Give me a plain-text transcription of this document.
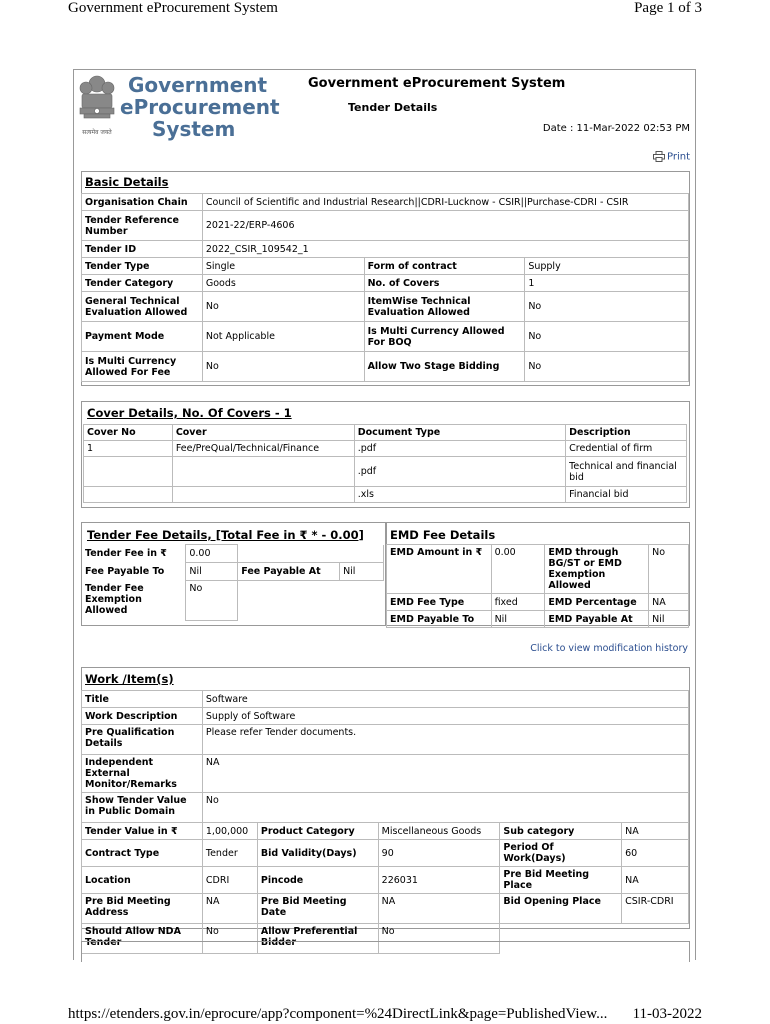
Government eProcurement System	Page 1 of 3
सत्यमेव जयते
Government
eProcurement
System
Government eProcurement System
Tender Details
Date : 11-Mar-2022 02:53 PM
Print
Basic Details
Organisation Chain	Council of Scientific and Industrial Research||CDRI-Lucknow - CSIR||Purchase-CDRI - CSIR		
Tender Reference Number	2021-22/ERP-4606		
Tender ID	2022_CSIR_109542_1		
Tender Type	Single	Form of contract	Supply
Tender Category	Goods	No. of Covers	1
General Technical Evaluation Allowed	No	ItemWise Technical Evaluation Allowed	No
Payment Mode	Not Applicable	Is Multi Currency Allowed For BOQ	No
Is Multi Currency Allowed For Fee	No	Allow Two Stage Bidding	No
Cover Details, No. Of Covers - 1
Cover No	Cover	Document Type	Description
1	Fee/PreQual/Technical/Finance	.pdf	Credential of firm
		.pdf	Technical and financial bid
		.xls	Financial bid
Tender Fee Details, [Total Fee in ₹ * - 0.00]
Tender Fee in ₹	0.00		
Fee Payable To	Nil	Fee Payable At	Nil
Tender Fee Exemption Allowed	No		
EMD Fee Details
EMD Amount in ₹	0.00	EMD through BG/ST or EMD Exemption Allowed	No
EMD Fee Type	fixed	EMD Percentage	NA
EMD Payable To	Nil	EMD Payable At	Nil
Click to view modification history
Work /Item(s)
Title	Software				
Work Description	Supply of Software				
Pre Qualification Details	Please refer Tender documents.				
Independent External Monitor/Remarks	NA				
Show Tender Value in Public Domain	No				
Tender Value in ₹	1,00,000	Product Category	Miscellaneous Goods	Sub category	NA
Contract Type	Tender	Bid Validity(Days)	90	Period Of Work(Days)	60
Location	CDRI	Pincode	226031	Pre Bid Meeting Place	NA
Pre Bid Meeting Address	NA	Pre Bid Meeting Date	NA	Bid Opening Place	CSIR-CDRI
Should Allow NDA Tender	No	Allow Preferential Bidder	No		
https://etenders.gov.in/eprocure/app?component=%24DirectLink&page=PublishedView... 11-03-2022
